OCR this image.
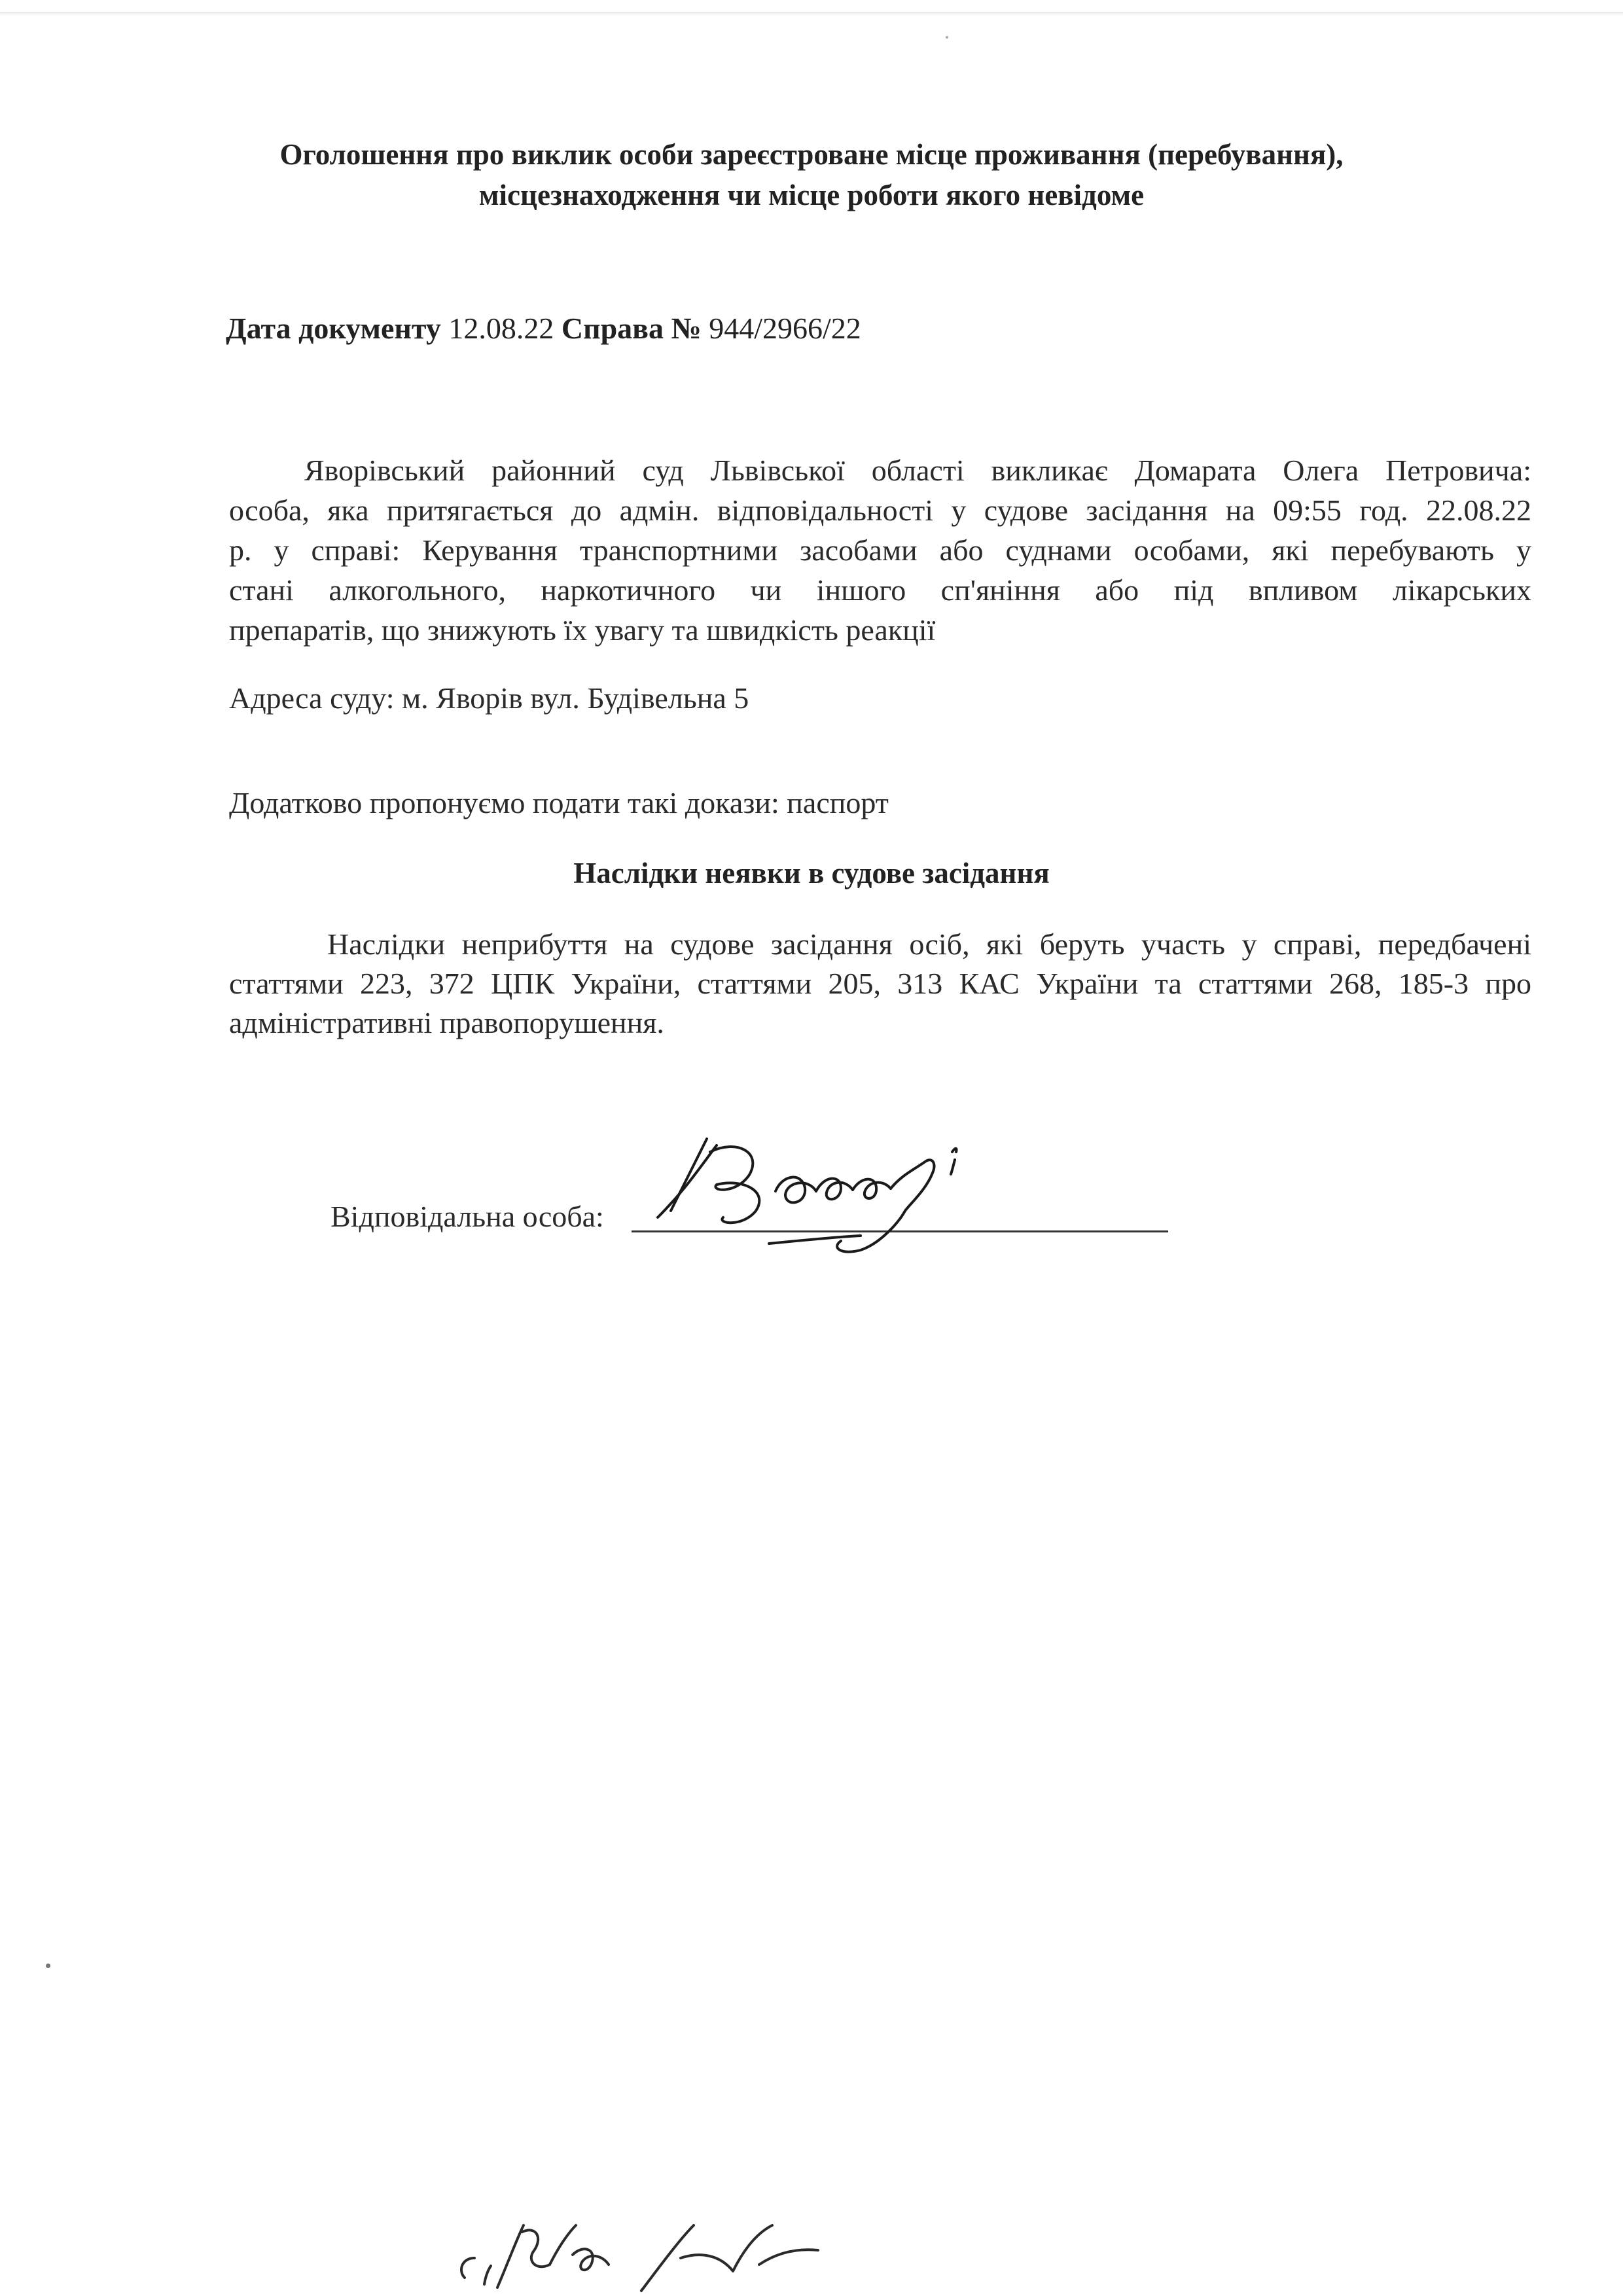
Оголошення про виклик особи зареєстроване місце проживання (перебування),
місцезнаходження чи місце роботи якого невідоме
Дата документу 12.08.22 Справа № 944/2966/22
Яворівський районний суд Львівської області викликає Домарата Олега Петровича:
особа, яка притягається до адмін. відповідальності у судове засідання на 09:55 год. 22.08.22
р. у справі: Керування транспортними засобами або суднами особами, які перебувають у
стані алкогольного, наркотичного чи іншого сп'яніння або під впливом лікарських
препаратів, що знижують їх увагу та швидкість реакції
Адреса суду: м. Яворів вул. Будівельна 5
Додатково пропонуємо подати такі докази: паспорт
Наслідки неявки в судове засідання
Наслідки неприбуття на судове засідання осіб, які беруть участь у справі, передбачені
статтями 223, 372 ЦПК України, статтями 205, 313 КАС України та статтями 268, 185-3 про
адміністративні правопорушення.
Відповідальна особа:
